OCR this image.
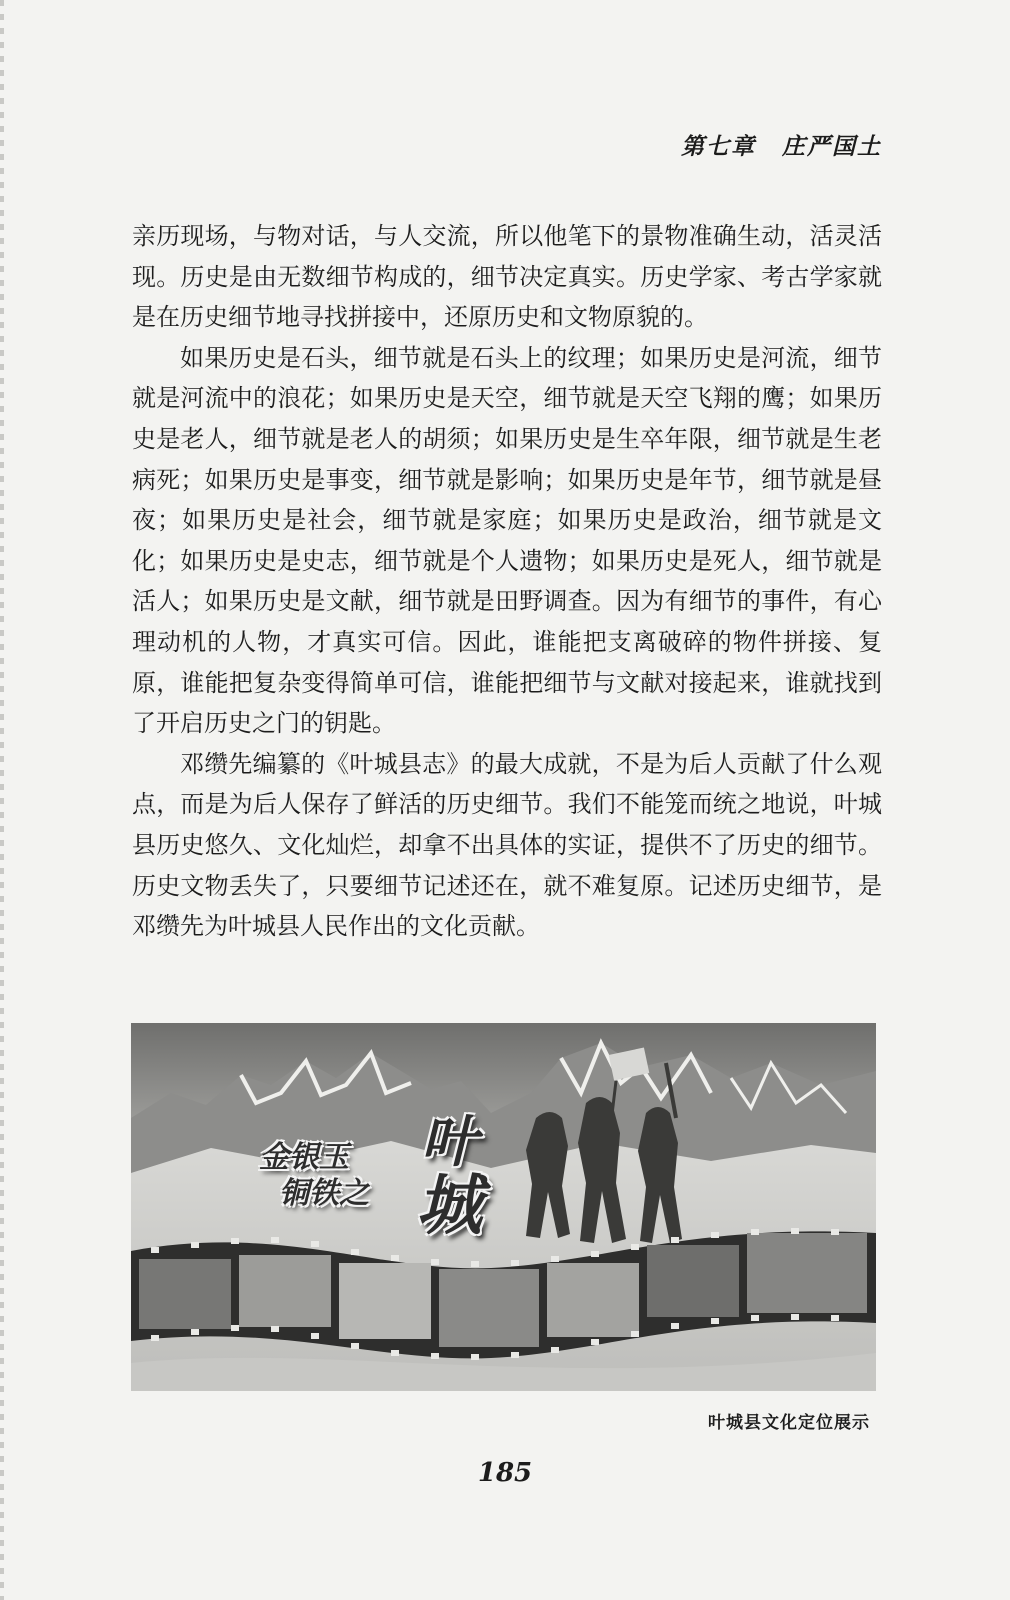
第七章 庄严国土

亲历现场，与物对话，与人交流，所以他笔下的景物准确生动，活灵活现。历史是由无数细节构成的，细节决定真实。历史学家、考古学家就是在历史细节地寻找拼接中，还原历史和文物原貌的。

如果历史是石头，细节就是石头上的纹理；如果历史是河流，细节就是河流中的浪花；如果历史是天空，细节就是天空飞翔的鹰；如果历史是老人，细节就是老人的胡须；如果历史是生卒年限，细节就是生老病死；如果历史是事变，细节就是影响；如果历史是年节，细节就是昼夜；如果历史是社会，细节就是家庭；如果历史是政治，细节就是文化；如果历史是史志，细节就是个人遗物；如果历史是死人，细节就是活人；如果历史是文献，细节就是田野调查。因为有细节的事件，有心理动机的人物，才真实可信。因此，谁能把支离破碎的物件拼接、复原，谁能把复杂变得简单可信，谁能把细节与文献对接起来，谁就找到了开启历史之门的钥匙。

邓缵先编纂的《叶城县志》的最大成就，不是为后人贡献了什么观点，而是为后人保存了鲜活的历史细节。我们不能笼而统之地说，叶城县历史悠久、文化灿烂，却拿不出具体的实证，提供不了历史的细节。历史文物丢失了，只要细节记述还在，就不难复原。记述历史细节，是邓缵先为叶城县人民作出的文化贡献。

金银玉
铜铁之
叶
城
叶城县文化定位展示
185
